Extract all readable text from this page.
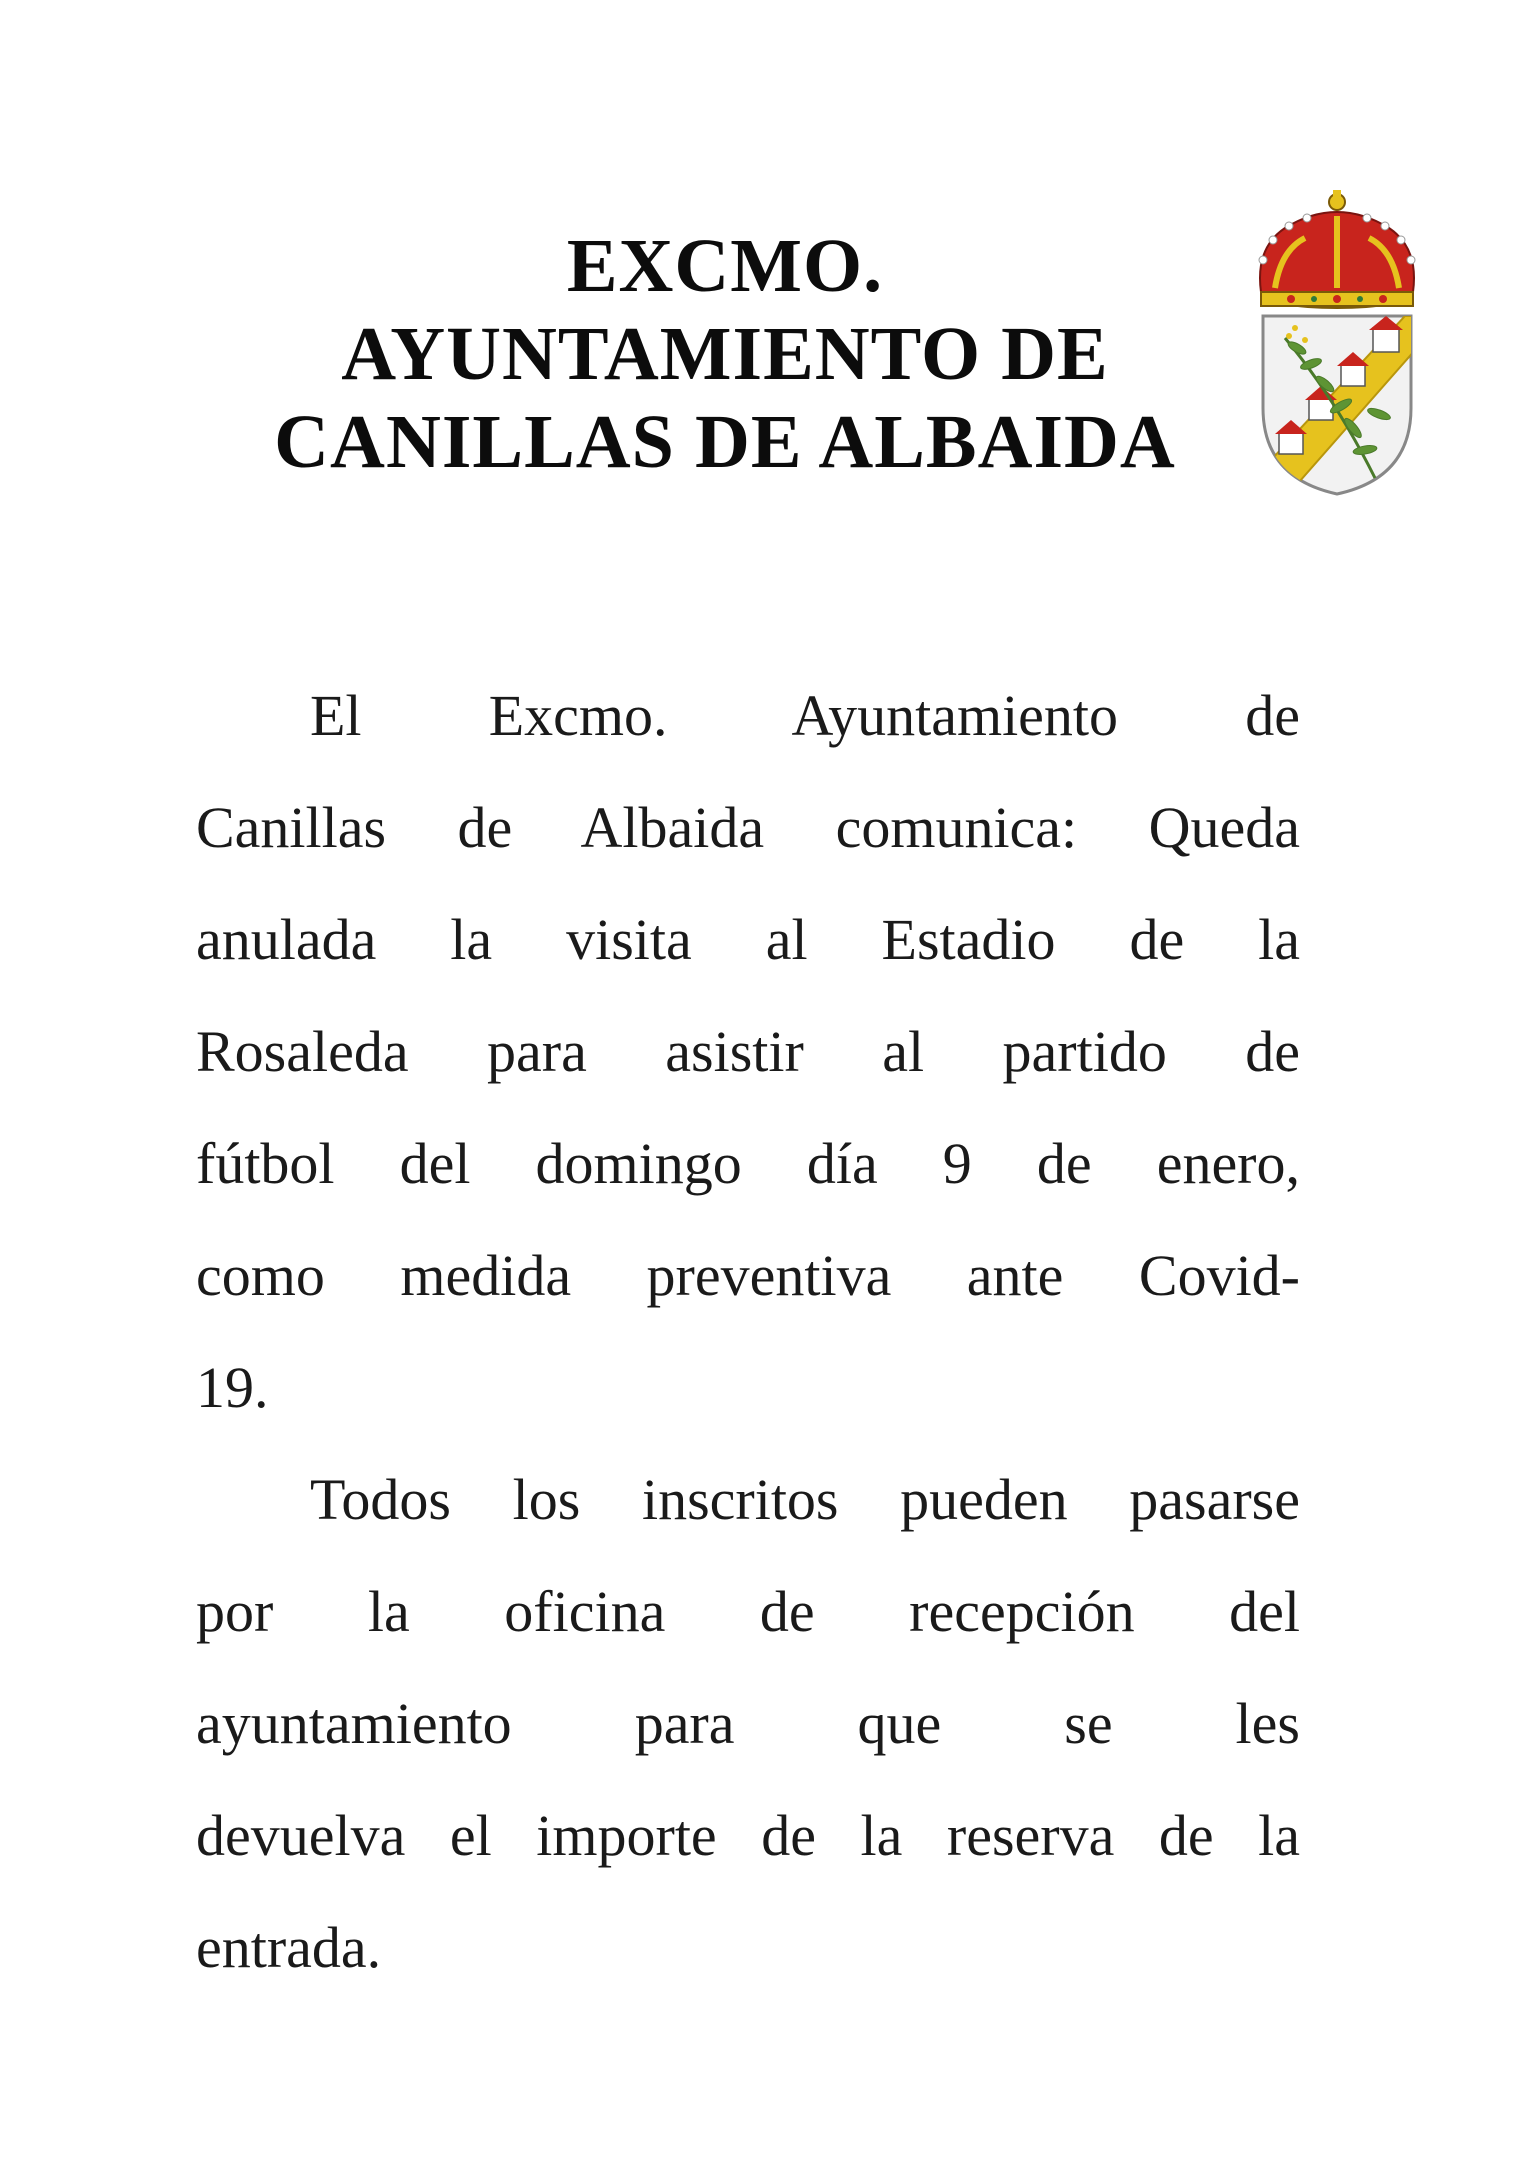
EXCMO.
AYUNTAMIENTO DE
CANILLAS DE ALBAIDA
El Excmo. Ayuntamiento de
Canillas de Albaida comunica: Queda
anulada la visita al Estadio de la
Rosaleda para asistir al partido de
fútbol del domingo día 9 de enero,
como medida preventiva ante Covid-
19.
Todos los inscritos pueden pasarse
por la oficina de recepción del
ayuntamiento para que se les
devuelva el importe de la reserva de la
entrada.
